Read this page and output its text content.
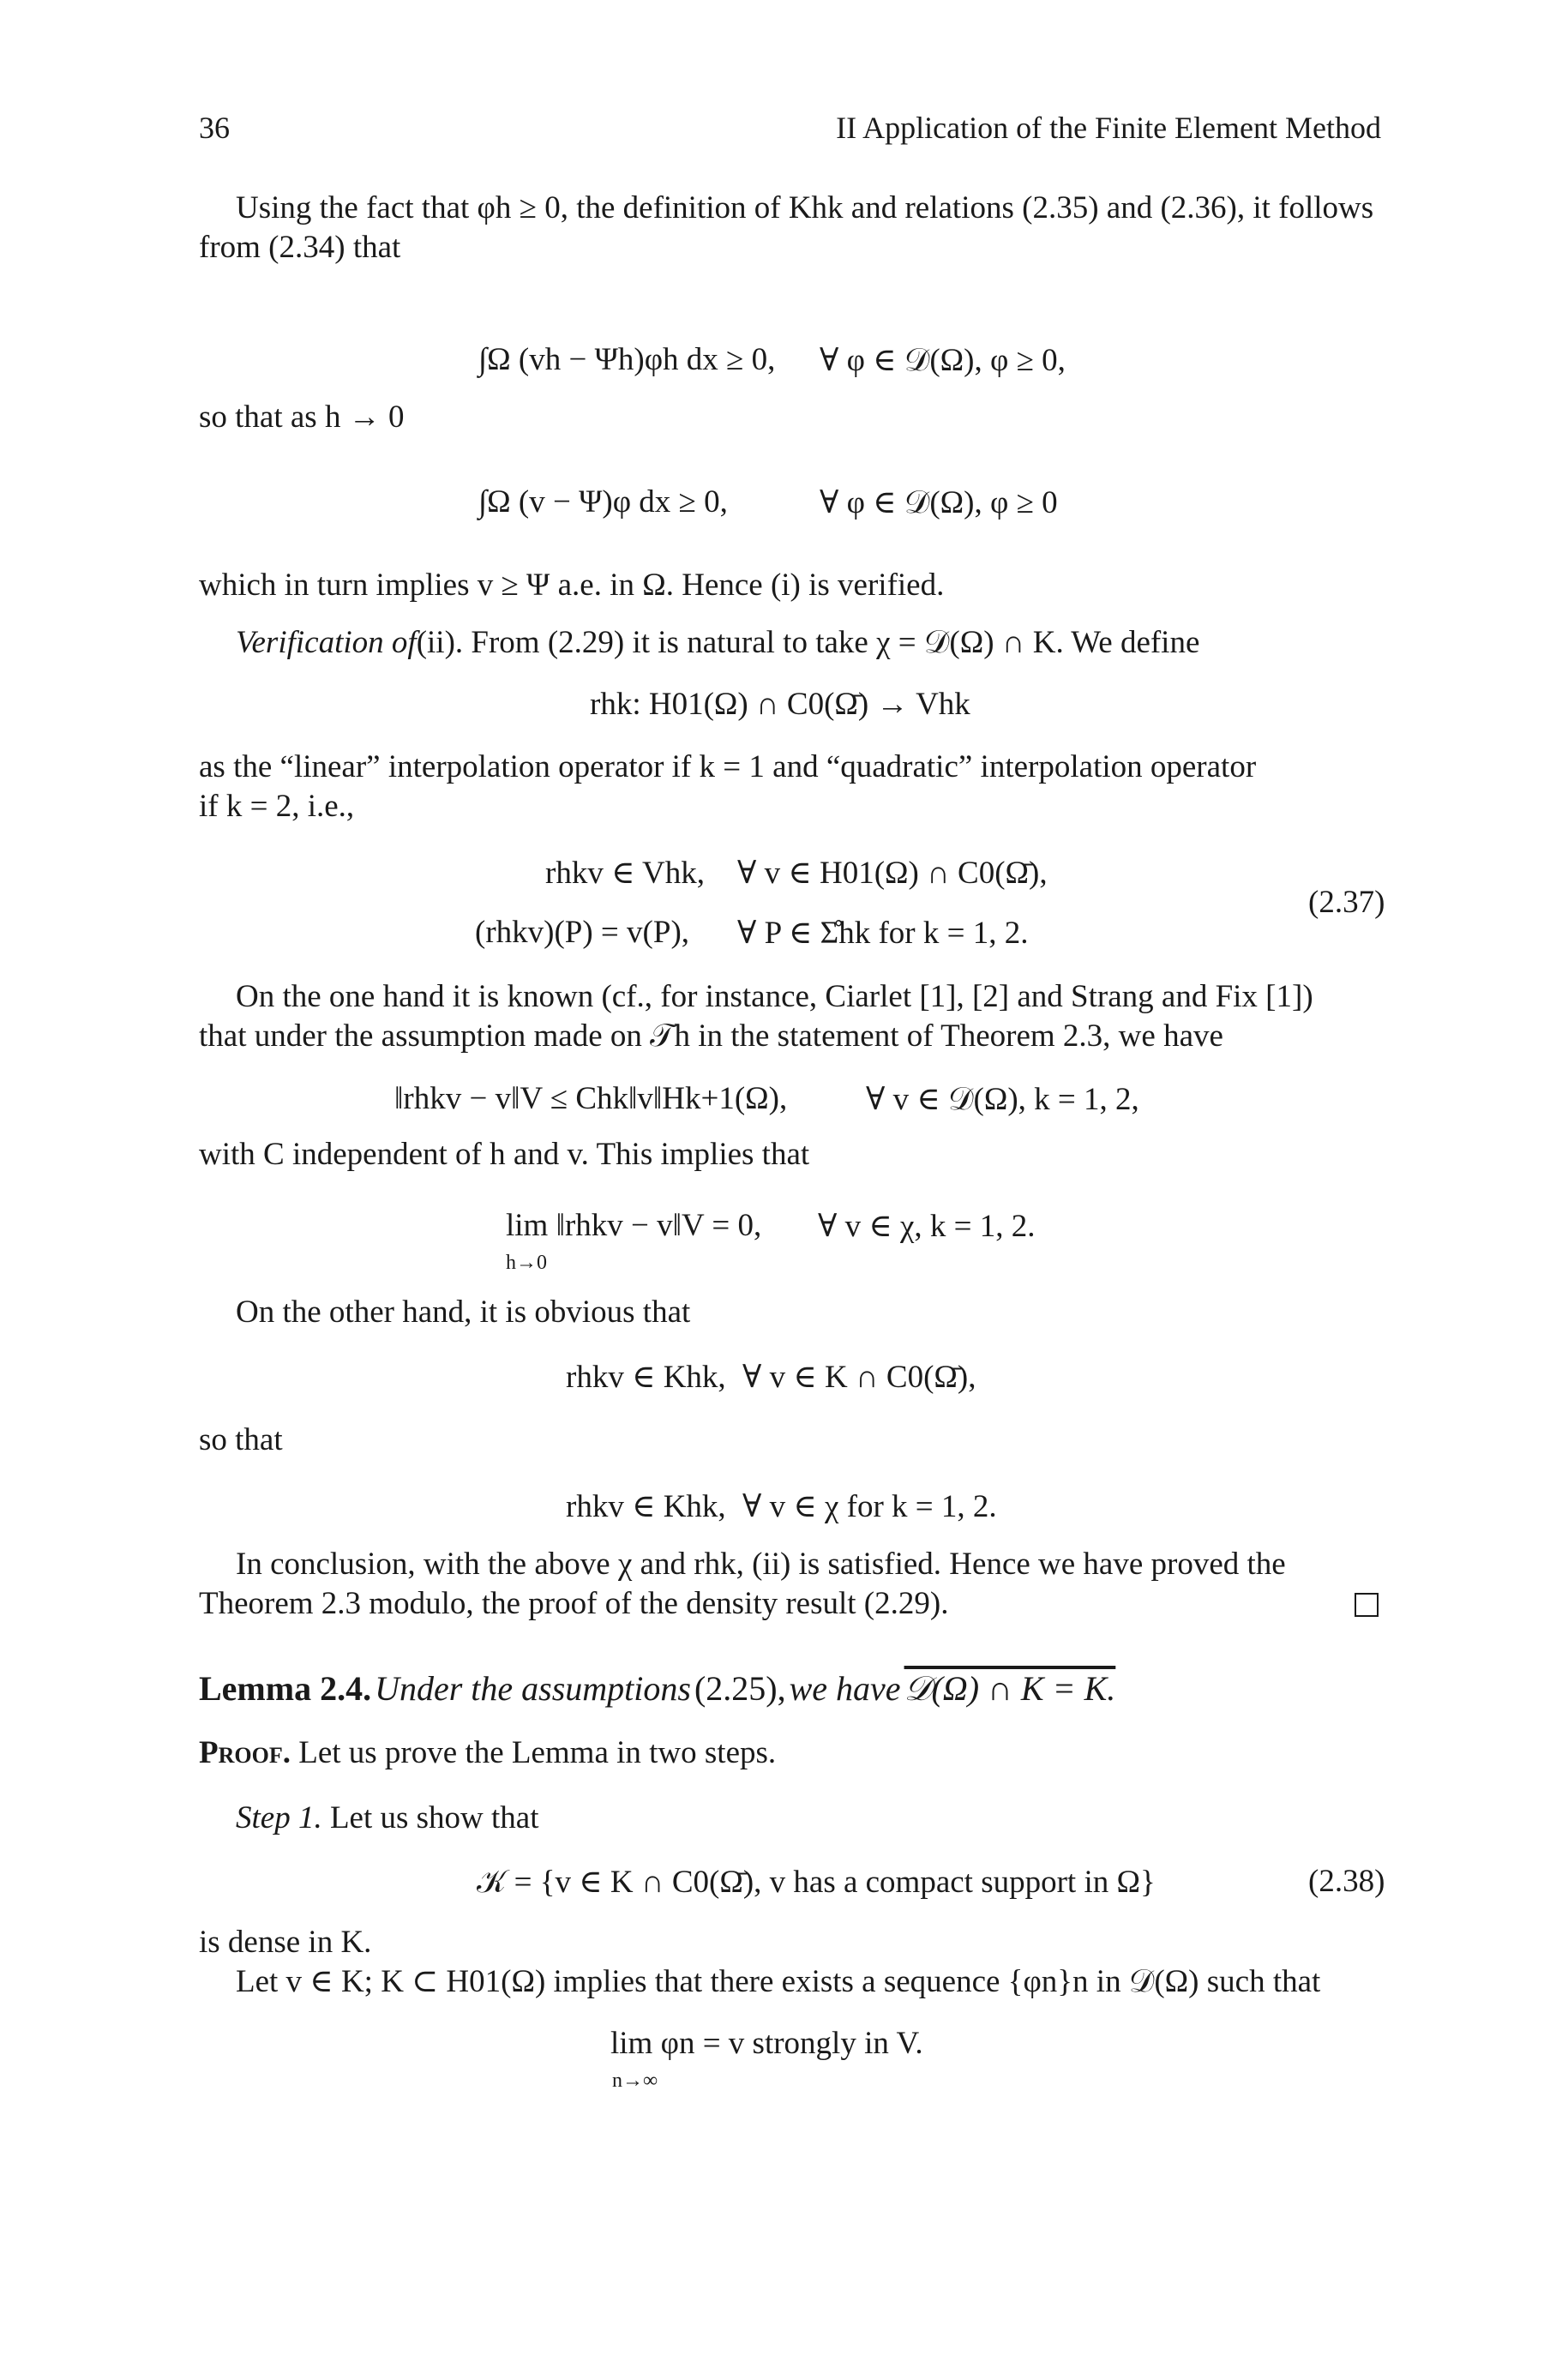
36	II Application of the Finite Element Method
Using the fact that φh ≥ 0, the definition of Khk and relations (2.35) and (2.36), it follows
from (2.34) that
∫Ω (vh − Ψh)φh dx ≥ 0, ∀ φ ∈ 𝒟(Ω), φ ≥ 0,
so that as h → 0
∫Ω (v − Ψ)φ dx ≥ 0,	∀ φ ∈ 𝒟(Ω), φ ≥ 0
which in turn implies v ≥ Ψ a.e. in Ω. Hence (i) is verified.
Verification of(ii). From (2.29) it is natural to take χ = 𝒟(Ω) ∩ K. We define
rhk: H01(Ω) ∩ C0(Ω̄) → Vhk
as the “linear” interpolation operator if k = 1 and “quadratic” interpolation operator
if k = 2, i.e.,
rhkv ∈ Vhk, ∀ v ∈ H01(Ω) ∩ C0(Ω̄),
(rhkv)(P) = v(P), ∀ P ∈ Σ̊hk for k = 1, 2.
(2.37)
On the one hand it is known (cf., for instance, Ciarlet [1], [2] and Strang and Fix [1])
that under the assumption made on 𝒯h in the statement of Theorem 2.3, we have
‖rhkv − v‖V ≤ Chk‖v‖Hk+1(Ω), ∀ v ∈ 𝒟(Ω), k = 1, 2,
with C independent of h and v. This implies that
lim ‖rhkv − v‖V = 0,
h→0
∀ v ∈ χ, k = 1, 2.
On the other hand, it is obvious that
rhkv ∈ Khk, ∀ v ∈ K ∩ C0(Ω̄),
so that
rhkv ∈ Khk, ∀ v ∈ χ for k = 1, 2.
In conclusion, with the above χ and rhk, (ii) is satisfied. Hence we have proved the
Theorem 2.3 modulo, the proof of the density result (2.29).
Lemma 2.4. Under the assumptions (2.25), we have 𝒟(Ω) ∩ K = K.
Proof. Let us prove the Lemma in two steps.
Step 1. Let us show that
𝒦 = {v ∈ K ∩ C0(Ω̄), v has a compact support in Ω}	(2.38)
is dense in K.
Let v ∈ K; K ⊂ H01(Ω) implies that there exists a sequence {φn}n in 𝒟(Ω) such that
lim φn = v strongly in V.
n→∞
